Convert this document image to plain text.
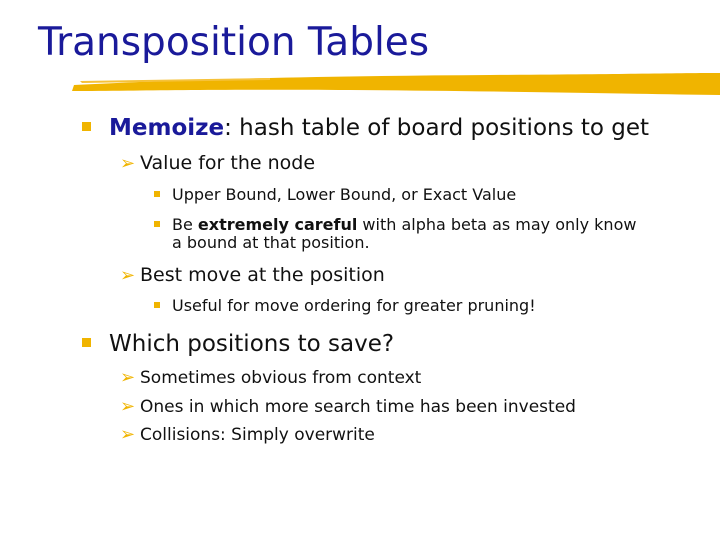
Transposition Tables
Memoize: hash table of board positions to get
➢ Value for the node
Upper Bound, Lower Bound, or Exact Value
Be extremely careful with alpha beta as may only know
a bound at that position.
➢ Best move at the position
Useful for move ordering for greater pruning!
Which positions to save?
➢ Sometimes obvious from context
➢ Ones in which more search time has been invested
➢ Collisions: Simply overwrite
